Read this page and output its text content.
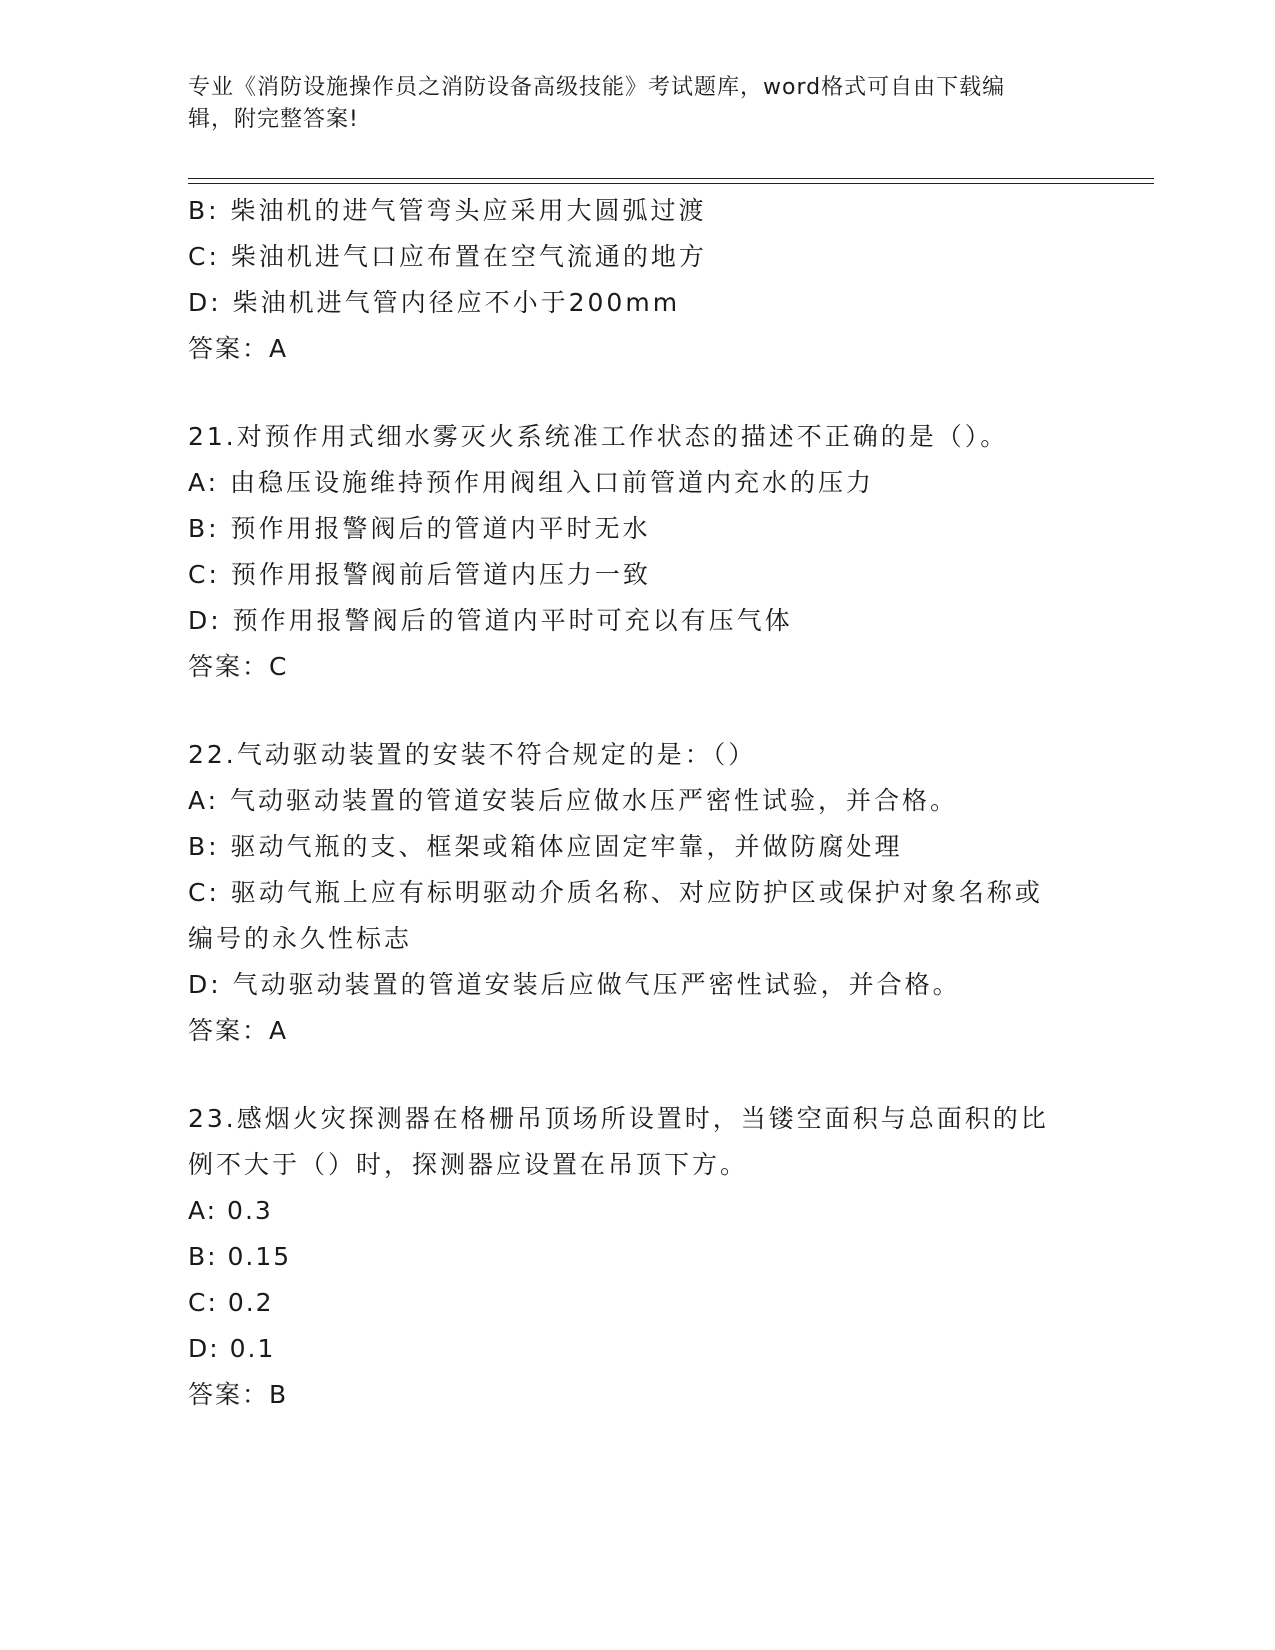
专业《消防设施操作员之消防设备高级技能》考试题库，word格式可自由下载编
辑，附完整答案!
B: 柴油机的进气管弯头应采用大圆弧过渡
C: 柴油机进气口应布置在空气流通的地方
D: 柴油机进气管内径应不小于200mm
答案：A
21.对预作用式细水雾灭火系统准工作状态的描述不正确的是（）。
A: 由稳压设施维持预作用阀组入口前管道内充水的压力
B: 预作用报警阀后的管道内平时无水
C: 预作用报警阀前后管道内压力一致
D: 预作用报警阀后的管道内平时可充以有压气体
答案：C
22.气动驱动装置的安装不符合规定的是：（）
A: 气动驱动装置的管道安装后应做水压严密性试验，并合格。
B: 驱动气瓶的支、框架或箱体应固定牢靠，并做防腐处理
C: 驱动气瓶上应有标明驱动介质名称、对应防护区或保护对象名称或
编号的永久性标志
D: 气动驱动装置的管道安装后应做气压严密性试验，并合格。
答案：A
23.感烟火灾探测器在格栅吊顶场所设置时，当镂空面积与总面积的比
例不大于（）时，探测器应设置在吊顶下方。
A: 0.3
B: 0.15
C: 0.2
D: 0.1
答案：B
